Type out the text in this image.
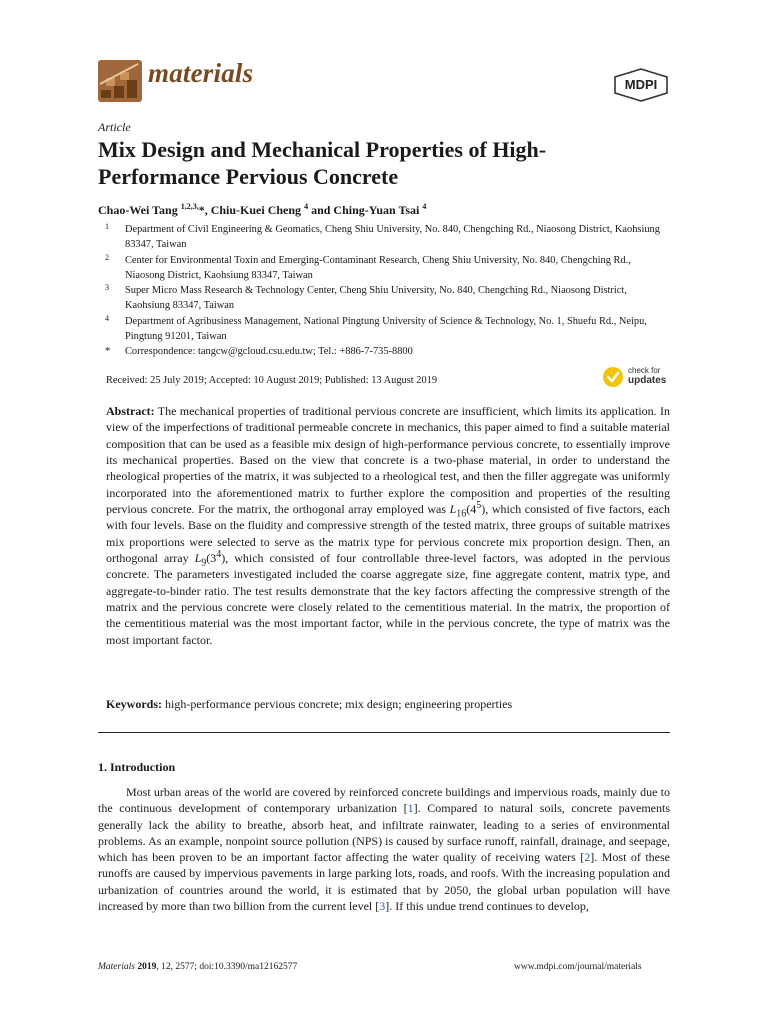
materials	MDPI
Article
Mix Design and Mechanical Properties of High-Performance Pervious Concrete
Chao-Wei Tang $^{1,2,3,}$*, Chiu-Kuei Cheng $^4$ and Ching-Yuan Tsai $^4$
1 Department of Civil Engineering & Geomatics, Cheng Shiu University, No. 840, Chengching Rd., Niaosong District, Kaohsiung 83347, Taiwan
2 Center for Environmental Toxin and Emerging-Contaminant Research, Cheng Shiu University, No. 840, Chengching Rd., Niaosong District, Kaohsiung 83347, Taiwan
3 Super Micro Mass Research & Technology Center, Cheng Shiu University, No. 840, Chengching Rd., Niaosong District, Kaohsiung 83347, Taiwan
4 Department of Agribusiness Management, National Pingtung University of Science & Technology, No. 1, Shuefu Rd., Neipu, Pingtung 91201, Taiwan
* Correspondence: tangcw@gcloud.csu.edu.tw; Tel.: +886-7-735-8800
Received: 25 July 2019; Accepted: 10 August 2019; Published: 13 August 2019
check for
updates
Abstract: The mechanical properties of traditional pervious concrete are insufficient, which limits its application. In view of the imperfections of traditional permeable concrete in mechanics, this paper aimed to find a suitable material composition that can be used as a feasible mix design of high-performance pervious concrete, to essentially improve its mechanical properties. Based on the view that concrete is a two-phase material, in order to understand the rheological properties of the matrix, it was subjected to a rheological test, and then the filler aggregate was uniformly incorporated into the aforementioned matrix to further explore the composition and properties of the resulting pervious concrete. For the matrix, the orthogonal array employed was $L_{16}(4^5)$, which consisted of five factors, each with four levels. Base on the fluidity and compressive strength of the tested matrix, three groups of suitable matrixes mix proportions were selected to serve as the matrix type for pervious concrete mix proportion design. Then, an orthogonal array $L_9(3^4)$, which consisted of four controllable three-level factors, was adopted in the pervious concrete. The parameters investigated included the coarse aggregate size, fine aggregate content, matrix type, and aggregate-to-binder ratio. The test results demonstrate that the key factors affecting the compressive strength of the matrix and the pervious concrete were closely related to the cementitious material. In the matrix, the proportion of the cementitious material was the most important factor, while in the pervious concrete, the type of matrix was the most important factor.
Keywords: high-performance pervious concrete; mix design; engineering properties
1. Introduction
Most urban areas of the world are covered by reinforced concrete buildings and impervious roads, mainly due to the continuous development of contemporary urbanization [1]. Compared to natural soils, concrete pavements generally lack the ability to breathe, absorb heat, and infiltrate rainwater, leading to a series of environmental problems. As an example, nonpoint source pollution (NPS) is caused by surface runoff, rainfall, drainage, and seepage, which has been proven to be an important factor affecting the water quality of receiving waters [2]. Most of these runoffs are caused by impervious pavements in large parking lots, roads, and roofs. With the increasing population and urbanization of countries around the world, it is estimated that by 2050, the global urban population will have increased by more than two billion from the current level [3]. If this undue trend continues to develop,
Materials 2019, 12, 2577; doi:10.3390/ma12162577	www.mdpi.com/journal/materials
